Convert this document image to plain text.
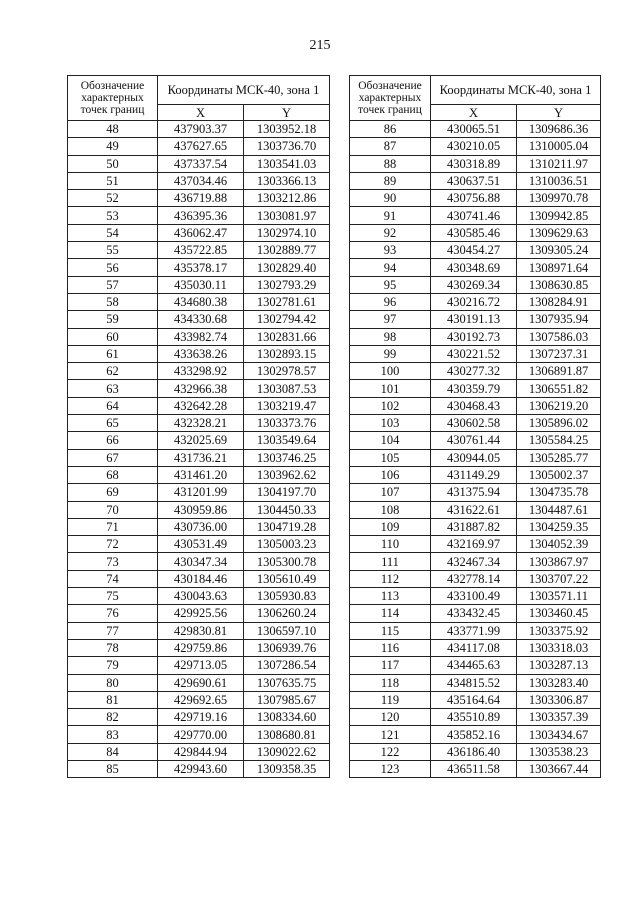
215
Обозначение характерных точек границ	Координаты МСК-40, зона 1	
	X	Y
48	437903.37	1303952.18
49	437627.65	1303736.70
50	437337.54	1303541.03
51	437034.46	1303366.13
52	436719.88	1303212.86
53	436395.36	1303081.97
54	436062.47	1302974.10
55	435722.85	1302889.77
56	435378.17	1302829.40
57	435030.11	1302793.29
58	434680.38	1302781.61
59	434330.68	1302794.42
60	433982.74	1302831.66
61	433638.26	1302893.15
62	433298.92	1302978.57
63	432966.38	1303087.53
64	432642.28	1303219.47
65	432328.21	1303373.76
66	432025.69	1303549.64
67	431736.21	1303746.25
68	431461.20	1303962.62
69	431201.99	1304197.70
70	430959.86	1304450.33
71	430736.00	1304719.28
72	430531.49	1305003.23
73	430347.34	1305300.78
74	430184.46	1305610.49
75	430043.63	1305930.83
76	429925.56	1306260.24
77	429830.81	1306597.10
78	429759.86	1306939.76
79	429713.05	1307286.54
80	429690.61	1307635.75
81	429692.65	1307985.67
82	429719.16	1308334.60
83	429770.00	1308680.81
84	429844.94	1309022.62
85	429943.60	1309358.35
Обозначение характерных точек границ	Координаты МСК-40, зона 1	
	X	Y
86	430065.51	1309686.36
87	430210.05	1310005.04
88	430318.89	1310211.97
89	430637.51	1310036.51
90	430756.88	1309970.78
91	430741.46	1309942.85
92	430585.46	1309629.63
93	430454.27	1309305.24
94	430348.69	1308971.64
95	430269.34	1308630.85
96	430216.72	1308284.91
97	430191.13	1307935.94
98	430192.73	1307586.03
99	430221.52	1307237.31
100	430277.32	1306891.87
101	430359.79	1306551.82
102	430468.43	1306219.20
103	430602.58	1305896.02
104	430761.44	1305584.25
105	430944.05	1305285.77
106	431149.29	1305002.37
107	431375.94	1304735.78
108	431622.61	1304487.61
109	431887.82	1304259.35
110	432169.97	1304052.39
111	432467.34	1303867.97
112	432778.14	1303707.22
113	433100.49	1303571.11
114	433432.45	1303460.45
115	433771.99	1303375.92
116	434117.08	1303318.03
117	434465.63	1303287.13
118	434815.52	1303283.40
119	435164.64	1303306.87
120	435510.89	1303357.39
121	435852.16	1303434.67
122	436186.40	1303538.23
123	436511.58	1303667.44
